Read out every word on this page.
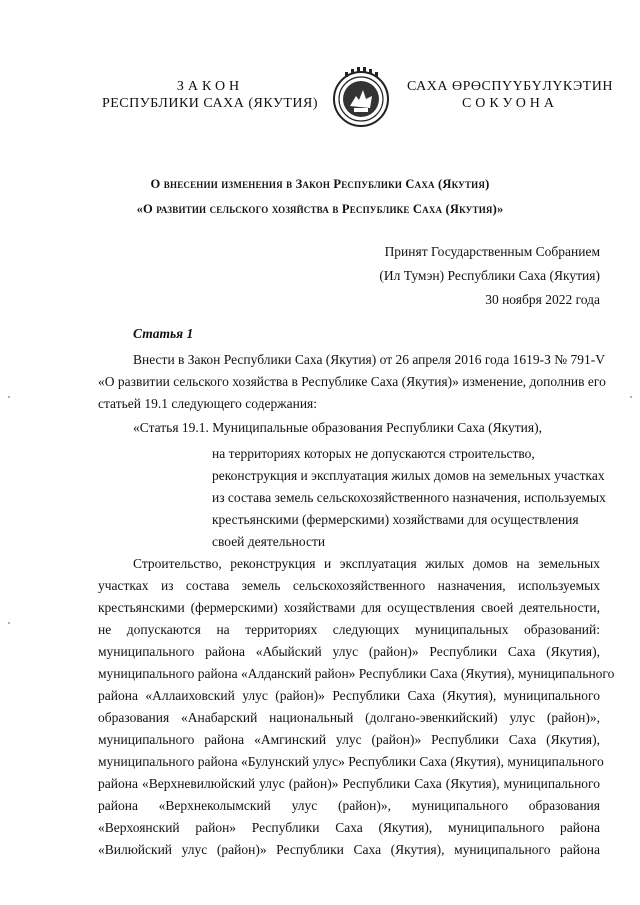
ЗАКОН
РЕСПУБЛИКИ САХА (ЯКУТИЯ)
САХА ӨРӨСПҮҮБҮЛҮКЭТИН
СОКУОНА
О внесении изменения в Закон Республики Саха (Якутия)
«О развитии сельского хозяйства в Республике Саха (Якутия)»
Принят Государственным Собранием
(Ил Тумэн) Республики Саха (Якутия)
30 ноября 2022 года
Статья 1
Внести в Закон Республики Саха (Якутия) от 26 апреля 2016 года 1619-З № 791-V
«О развитии сельского хозяйства в Республике Саха (Якутия)» изменение, дополнив его
статьей 19.1 следующего содержания:
«Статья 19.1. Муниципальные образования Республики Саха (Якутия),
на территориях которых не допускаются строительство,
реконструкция и эксплуатация жилых домов на земельных участках
из состава земель сельскохозяйственного назначения, используемых
крестьянскими (фермерскими) хозяйствами для осуществления
своей деятельности
Строительство, реконструкция и эксплуатация жилых домов на земельных
участках из состава земель сельскохозяйственного назначения, используемых
крестьянскими (фермерскими) хозяйствами для осуществления своей деятельности,
не допускаются на территориях следующих муниципальных образований:
муниципального района «Абыйский улус (район)» Республики Саха (Якутия),
муниципального района «Алданский район» Республики Саха (Якутия), муниципального
района «Аллаиховский улус (район)» Республики Саха (Якутия), муниципального
образования «Анабарский национальный (долгано-эвенкийский) улус (район)»,
муниципального района «Амгинский улус (район)» Республики Саха (Якутия),
муниципального района «Булунский улус» Республики Саха (Якутия), муниципального
района «Верхневилюйский улус (район)» Республики Саха (Якутия), муниципального
района «Верхнеколымский улус (район)», муниципального образования
«Верхоянский район» Республики Саха (Якутия), муниципального района
«Вилюйский улус (район)» Республики Саха (Якутия), муниципального района
